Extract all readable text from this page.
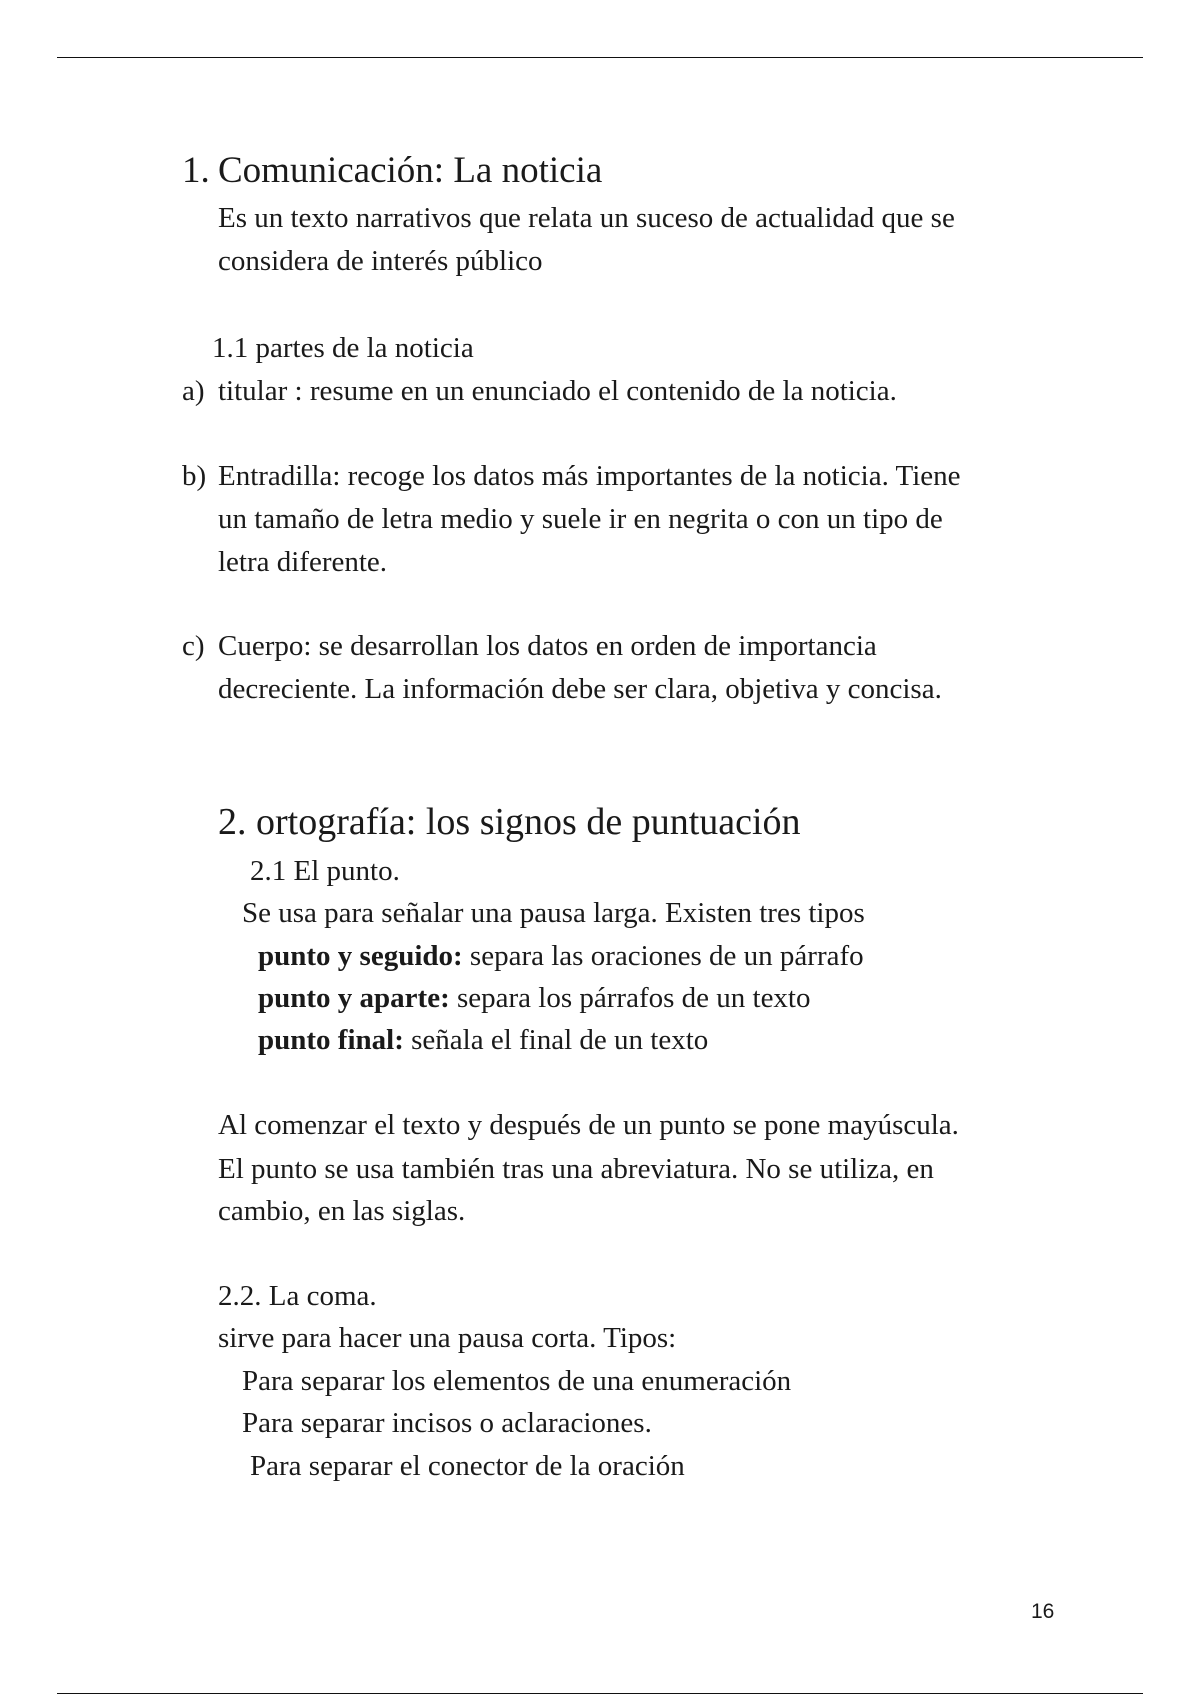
1. Comunicación: La noticia
Es un texto narrativos que relata un suceso de actualidad que se
considera de interés público
1.1 partes de la noticia
a) titular : resume en un enunciado el contenido de la noticia.
b) Entradilla: recoge los datos más importantes de la noticia. Tiene
un tamaño de letra medio y suele ir en negrita o con un tipo de
letra diferente.
c) Cuerpo: se desarrollan los datos en orden de importancia
decreciente. La información debe ser clara, objetiva y concisa.
2. ortografía: los signos de puntuación
2.1 El punto.
Se usa para señalar una pausa larga. Existen tres tipos
punto y seguido: separa las oraciones de un párrafo
punto y aparte: separa los párrafos de un texto
punto final: señala el final de un texto
Al comenzar el texto y después de un punto se pone mayúscula.
El punto se usa también tras una abreviatura. No se utiliza, en
cambio, en las siglas.
2.2. La coma.
sirve para hacer una pausa corta. Tipos:
Para separar los elementos de una enumeración
Para separar incisos o aclaraciones.
Para separar el conector de la oración
16
